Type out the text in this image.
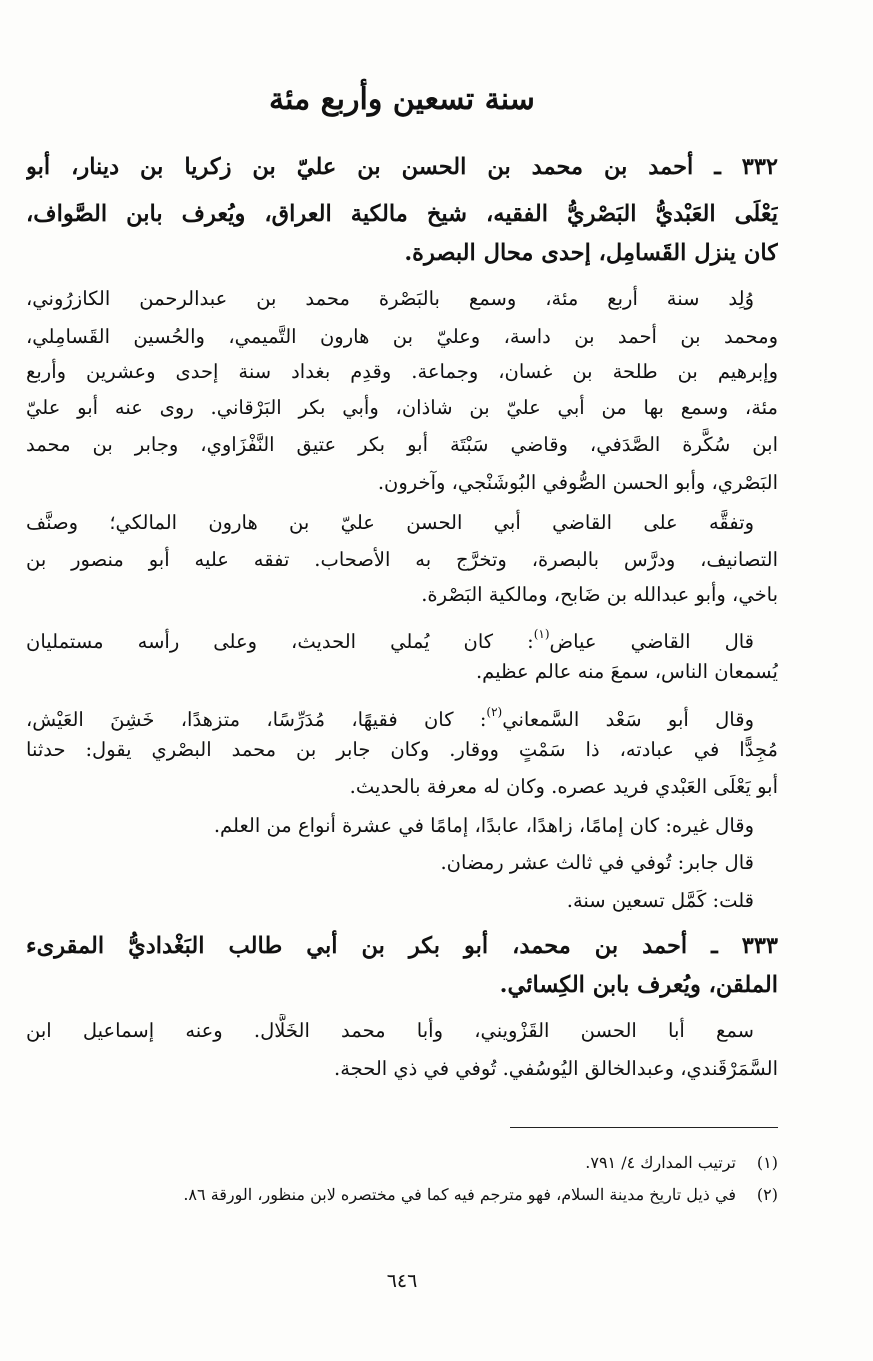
سنة تسعين وأربع مئة
٣٣٢ ـ أحمد بن محمد بن الحسن بن عليّ بن زكريا بن دينار، أبو
يَعْلَى العَبْديُّ البَصْريُّ الفقيه، شيخ مالكية العراق، ويُعرف بابن الصَّواف،
كان ينزل القَسامِل، إحدى محال البصرة.
وُلِد سنة أربع مئة، وسمع بالبَصْرة محمد بن عبدالرحمن الكازرُوني،
ومحمد بن أحمد بن داسة، وعليّ بن هارون التَّميمي، والحُسين القَسامِلي،
وإبرهيم بن طلحة بن غسان، وجماعة. وقدِم بغداد سنة إحدى وعشرين وأربع
مئة، وسمع بها من أبي عليّ بن شاذان، وأبي بكر البَرْقاني. روى عنه أبو عليّ
ابن سُكَّرة الصَّدَفي، وقاضي سَبْتَة أبو بكر عتيق النَّفْزَاوي، وجابر بن محمد
البَصْري، وأبو الحسن الصُّوفي البُوشَنْجي، وآخرون.
وتفقَّه على القاضي أبي الحسن عليّ بن هارون المالكي؛ وصنَّف
التصانيف، ودرَّس بالبصرة، وتخرَّج به الأصحاب. تفقه عليه أبو منصور بن
باخي، وأبو عبدالله بن ضَابح، ومالكية البَصْرة.
قال القاضي عياض$^{(١)}$: كان يُملي الحديث، وعلى رأسه مستمليان
يُسمعان الناس، سمعَ منه عالم عظيم.
وقال أبو سَعْد السَّمعاني$^{(٢)}$: كان فقيهًا، مُدَرِّسًا، متزهدًا، خَشِنَ العَيْش،
مُجِدًّا في عبادته، ذا سَمْتٍ ووقار. وكان جابر بن محمد البصْري يقول: حدثنا
أبو يَعْلَى العَبْدي فريد عصره. وكان له معرفة بالحديث.
وقال غيره: كان إمامًا، زاهدًا، عابدًا، إمامًا في عشرة أنواع من العلم.
قال جابر: تُوفي في ثالث عشر رمضان.
قلت: كَمَّل تسعين سنة.
٣٣٣ ـ أحمد بن محمد، أبو بكر بن أبي طالب البَغْداديُّ المقرىء
الملقن، ويُعرف بابن الكِسائي.
سمع أبا الحسن القَزْويني، وأبا محمد الخَلَّال. وعنه إسماعيل ابن
السَّمَرْقَندي، وعبدالخالق اليُوسُفي. تُوفي في ذي الحجة.
(١)ترتيب المدارك ٤/ ٧٩١.
(٢)في ذيل تاريخ مدينة السلام، فهو مترجم فيه كما في مختصره لابن منظور، الورقة ٨٦.
٦٤٦
